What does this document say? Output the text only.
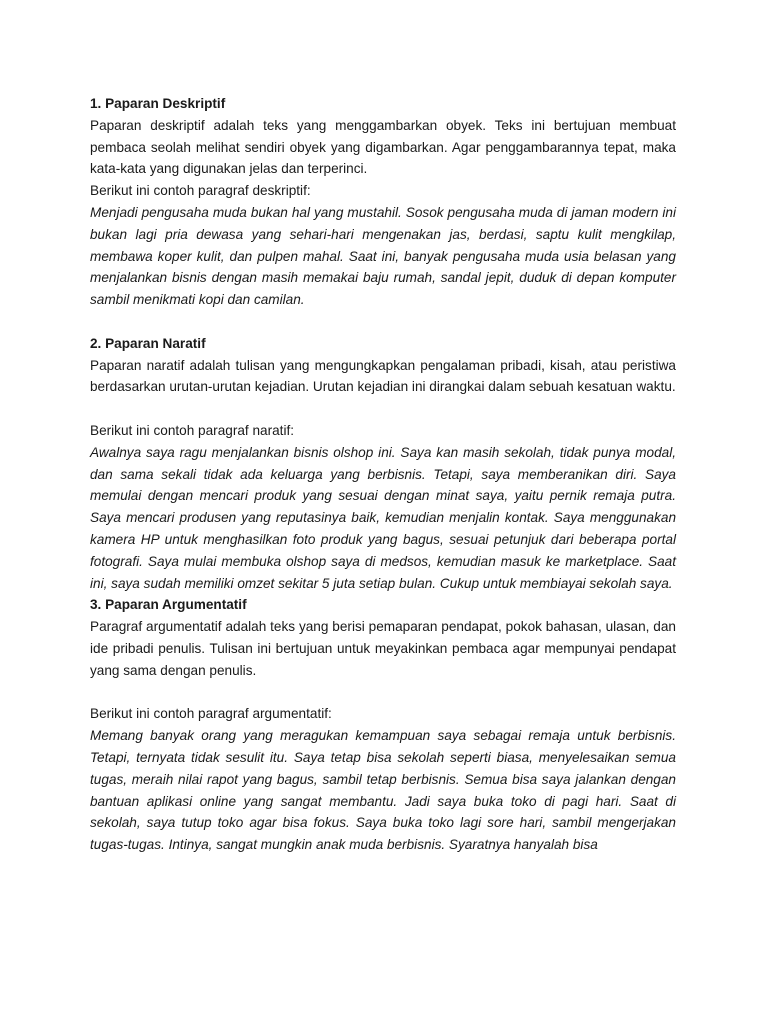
1. Paparan Deskriptif

Paparan deskriptif adalah teks yang menggambarkan obyek. Teks ini bertujuan membuat pembaca seolah melihat sendiri obyek yang digambarkan. Agar penggambarannya tepat, maka kata-kata yang digunakan jelas dan terperinci.

Berikut ini contoh paragraf deskriptif:

Menjadi pengusaha muda bukan hal yang mustahil. Sosok pengusaha muda di jaman modern ini bukan lagi pria dewasa yang sehari-hari mengenakan jas, berdasi, saptu kulit mengkilap, membawa koper kulit, dan pulpen mahal. Saat ini, banyak pengusaha muda usia belasan yang menjalankan bisnis dengan masih memakai baju rumah, sandal jepit, duduk di depan komputer sambil menikmati kopi dan camilan.

2. Paparan Naratif

Paparan naratif adalah tulisan yang mengungkapkan pengalaman pribadi, kisah, atau peristiwa berdasarkan urutan-urutan kejadian. Urutan kejadian ini dirangkai dalam sebuah kesatuan waktu.

Berikut ini contoh paragraf naratif:

Awalnya saya ragu menjalankan bisnis olshop ini. Saya kan masih sekolah, tidak punya modal, dan sama sekali tidak ada keluarga yang berbisnis. Tetapi, saya memberanikan diri. Saya memulai dengan mencari produk yang sesuai dengan minat saya, yaitu pernik remaja putra. Saya mencari produsen yang reputasinya baik, kemudian menjalin kontak. Saya menggunakan kamera HP untuk menghasilkan foto produk yang bagus, sesuai petunjuk dari beberapa portal fotografi. Saya mulai membuka olshop saya di medsos, kemudian masuk ke marketplace. Saat ini, saya sudah memiliki omzet sekitar 5 juta setiap bulan. Cukup untuk membiayai sekolah saya.

3. Paparan Argumentatif

Paragraf argumentatif adalah teks yang berisi pemaparan pendapat, pokok bahasan, ulasan, dan ide pribadi penulis. Tulisan ini bertujuan untuk meyakinkan pembaca agar mempunyai pendapat yang sama dengan penulis.

Berikut ini contoh paragraf argumentatif:

Memang banyak orang yang meragukan kemampuan saya sebagai remaja untuk berbisnis. Tetapi, ternyata tidak sesulit itu. Saya tetap bisa sekolah seperti biasa, menyelesaikan semua tugas, meraih nilai rapot yang bagus, sambil tetap berbisnis. Semua bisa saya jalankan dengan bantuan aplikasi online yang sangat membantu. Jadi saya buka toko di pagi hari. Saat di sekolah, saya tutup toko agar bisa fokus. Saya buka toko lagi sore hari, sambil mengerjakan tugas-tugas. Intinya, sangat mungkin anak muda berbisnis. Syaratnya hanyalah bisa
